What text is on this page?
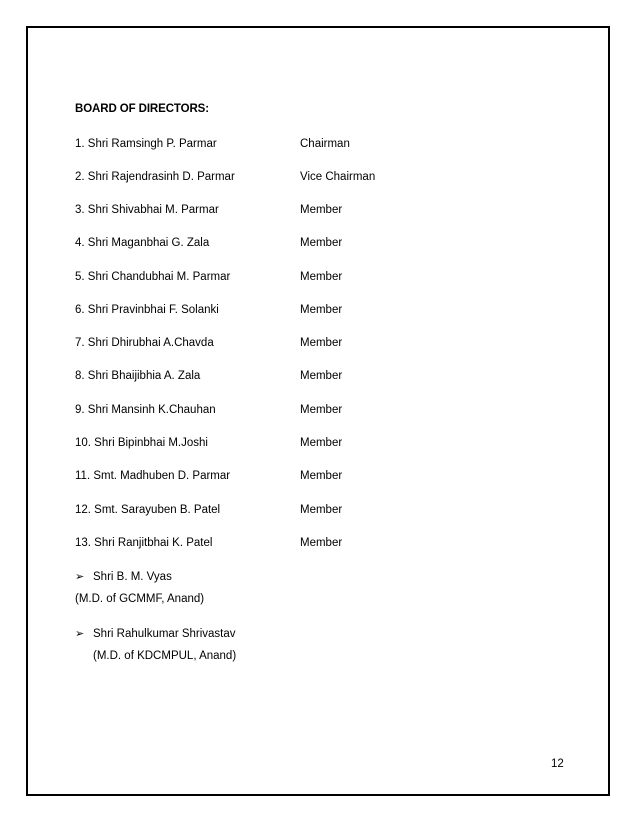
BOARD OF DIRECTORS:
1. Shri Ramsingh P. Parmar	Chairman
2. Shri Rajendrasinh D. Parmar	Vice Chairman
3. Shri Shivabhai M. Parmar	Member
4. Shri Maganbhai G. Zala	Member
5. Shri Chandubhai M. Parmar	Member
6. Shri Pravinbhai F. Solanki	Member
7. Shri Dhirubhai A.Chavda	Member
8. Shri Bhaijibhia A. Zala	Member
9. Shri Mansinh K.Chauhan	Member
10. Shri Bipinbhai M.Joshi	Member
11. Smt. Madhuben D. Parmar	Member
12. Smt. Sarayuben B. Patel	Member
13. Shri Ranjitbhai K. Patel	Member
➢ Shri B. M. Vyas
(M.D. of GCMMF, Anand)
➢ Shri Rahulkumar Shrivastav
(M.D. of KDCMPUL, Anand)
12
